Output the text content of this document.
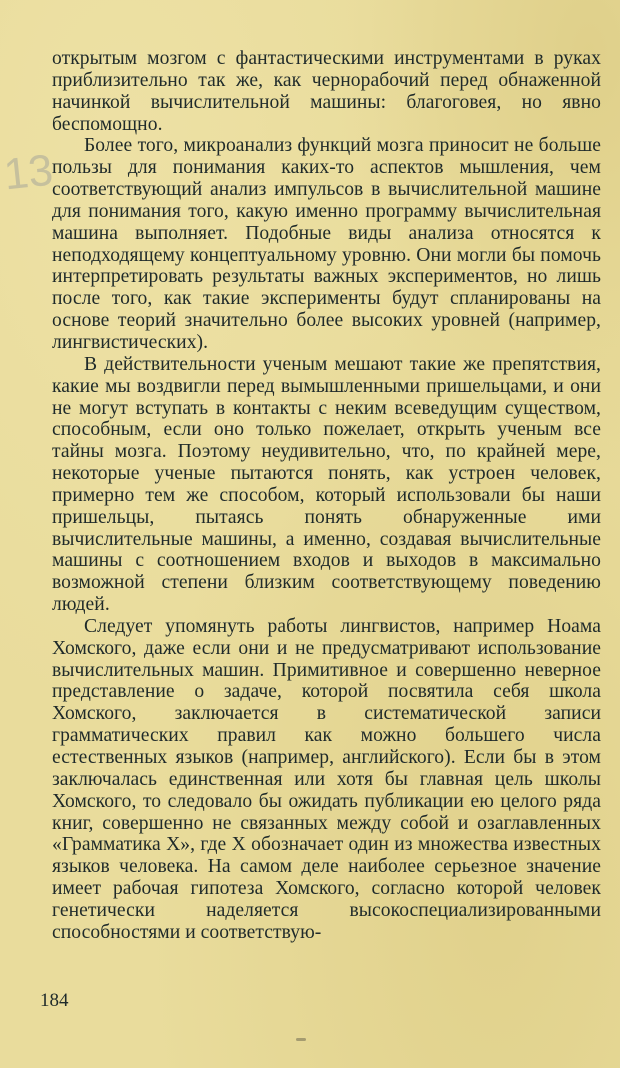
13

открытым мозгом с фантастическими инструментами в руках приблизительно так же, как чернорабочий перед обнаженной начинкой вычислительной машины: благоговея, но явно беспомощно.

Более того, микроанализ функций мозга приносит не больше пользы для понимания каких-то аспектов мышления, чем соответствующий анализ импульсов в вычислительной машине для понимания того, какую именно программу вычислительная машина выполняет. Подобные виды анализа относятся к неподходящему концептуальному уровню. Они могли бы помочь интерпретировать результаты важных экспериментов, но лишь после того, как такие эксперименты будут спланированы на основе теорий значительно более высоких уровней (например, лингвистических).

В действительности ученым мешают такие же препятствия, какие мы воздвигли перед вымышленными пришельцами, и они не могут вступать в контакты с неким всеведущим существом, способным, если оно только пожелает, открыть ученым все тайны мозга. Поэтому неудивительно, что, по крайней мере, некоторые ученые пытаются понять, как устроен человек, примерно тем же способом, который использовали бы наши пришельцы, пытаясь понять обнаруженные ими вычислительные машины, а именно, создавая вычислительные машины с соотношением входов и выходов в максимально возможной степени близким соответствующему поведению людей.

Следует упомянуть работы лингвистов, например Ноама Хомского, даже если они и не предусматривают использование вычислительных машин. Примитивное и совершенно неверное представление о задаче, которой посвятила себя школа Хомского, заключается в систематической записи грамматических правил как можно большего числа естественных языков (например, английского). Если бы в этом заключалась единственная или хотя бы главная цель школы Хомского, то следовало бы ожидать публикации ею целого ряда книг, совершенно не связанных между собой и озаглавленных «Грамматика X», где X обозначает один из множества известных языков человека. На самом деле наиболее серьезное значение имеет рабочая гипотеза Хомского, согласно которой человек генетически наделяется высокоспециализированными способностями и соответствую-

184
